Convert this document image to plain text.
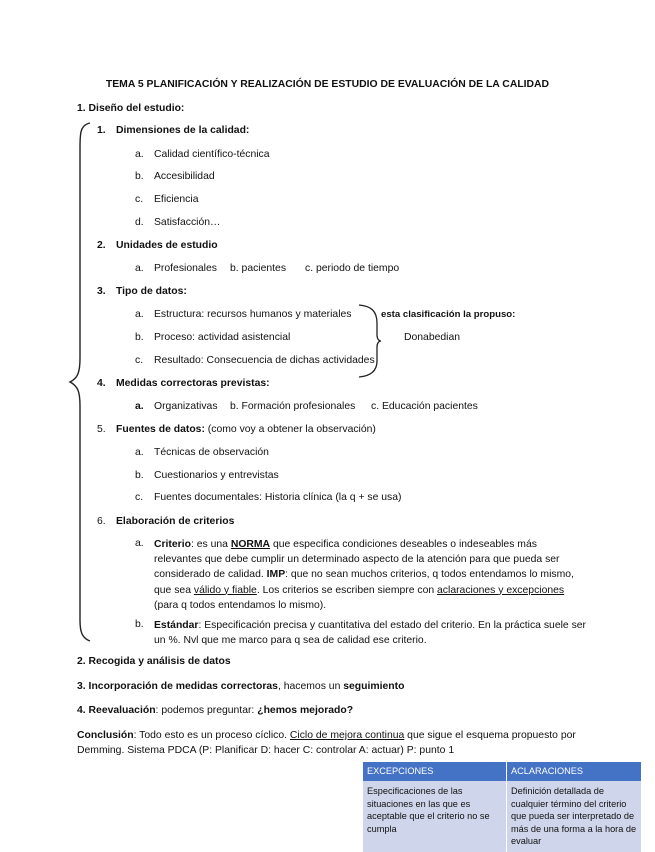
TEMA 5 PLANIFICACIÓN Y REALIZACIÓN DE ESTUDIO DE EVALUACIÓN DE LA CALIDAD
1. Diseño del estudio:
1. Dimensiones de la calidad:
a. Calidad científico-técnica
b. Accesibilidad
c. Eficiencia
d. Satisfacción…
2. Unidades de estudio
a. Profesionales b. pacientes c. periodo de tiempo
3. Tipo de datos:
a. Estructura: recursos humanos y materiales
b. Proceso: actividad asistencial
c. Resultado: Consecuencia de dichas actividades
esta clasificación la propuso:
Donabedian
4. Medidas correctoras previstas:
a. Organizativas b. Formación profesionales c. Educación pacientes
5. Fuentes de datos: (como voy a obtener la observación)
a. Técnicas de observación
b. Cuestionarios y entrevistas
c. Fuentes documentales: Historia clínica (la q + se usa)
6. Elaboración de criterios
a. Criterio: es una NORMA que especifica condiciones deseables o indeseables más relevantes que debe cumplir un determinado aspecto de la atención para que pueda ser considerado de calidad. IMP: que no sean muchos criterios, q todos entendamos lo mismo, que sea válido y fiable. Los criterios se escriben siempre con aclaraciones y excepciones (para q todos entendamos lo mismo).
b. Estándar: Especificación precisa y cuantitativa del estado del criterio. En la práctica suele ser un %. Nvl que me marco para q sea de calidad ese criterio.
2. Recogida y análisis de datos
3. Incorporación de medidas correctoras, hacemos un seguimiento
4. Reevaluación: podemos preguntar: ¿hemos mejorado?
Conclusión: Todo esto es un proceso cíclico. Ciclo de mejora continua que sigue el esquema propuesto por Demming. Sistema PDCA (P: Planificar D: hacer C: controlar A: actuar) P: punto 1
EXCEPCIONES	ACLARACIONES
Especificaciones de las situaciones en las que es aceptable que el criterio no se cumpla	Definición detallada de cualquier término del criterio que pueda ser interpretado de más de una forma a la hora de evaluar
